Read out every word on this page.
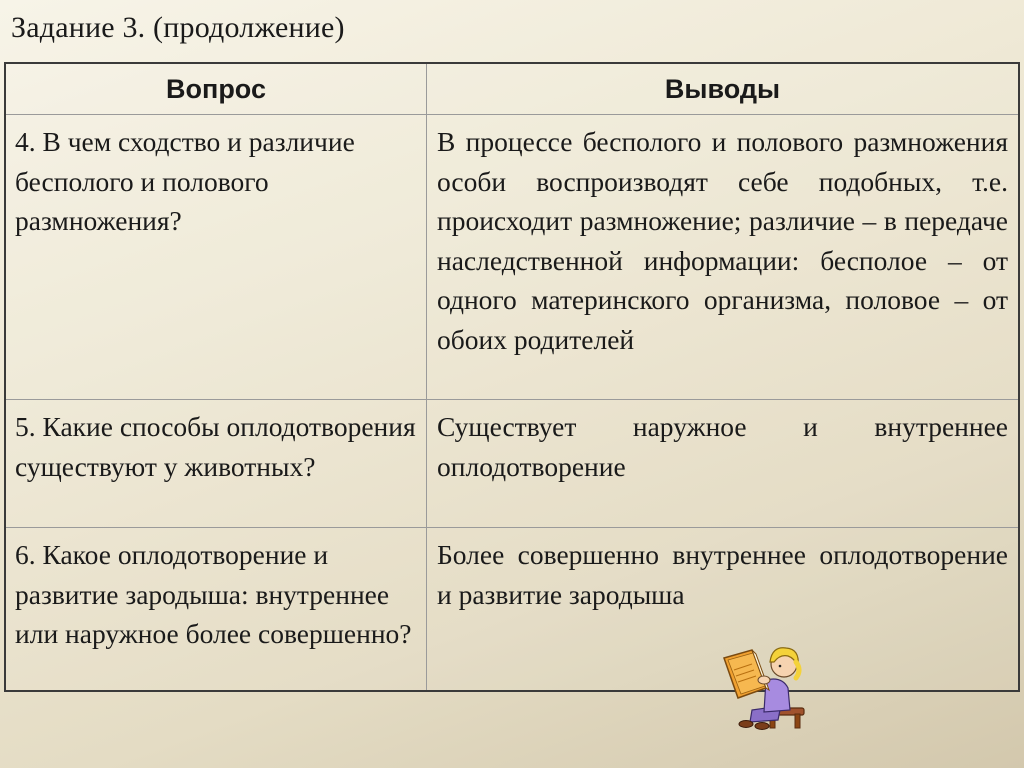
Задание 3. (продолжение)
Вопрос	Выводы
4. В чем сходство и различие бесполого и полового размножения?
В процессе бесполого и полового размножения особи воспроизводят себе подобных, т.е. происходит размножение; различие – в передаче наследственной информации: бесполое – от одного материнского организма, половое – от обоих родителей
5. Какие способы оплодотворения существуют у животных?
Существует наружное и внутреннее оплодотворение
6. Какое оплодотворение и развитие зародыша: внутреннее или наружное более совершенно?
Более совершенно внутреннее оплодотворение и развитие зародыша
